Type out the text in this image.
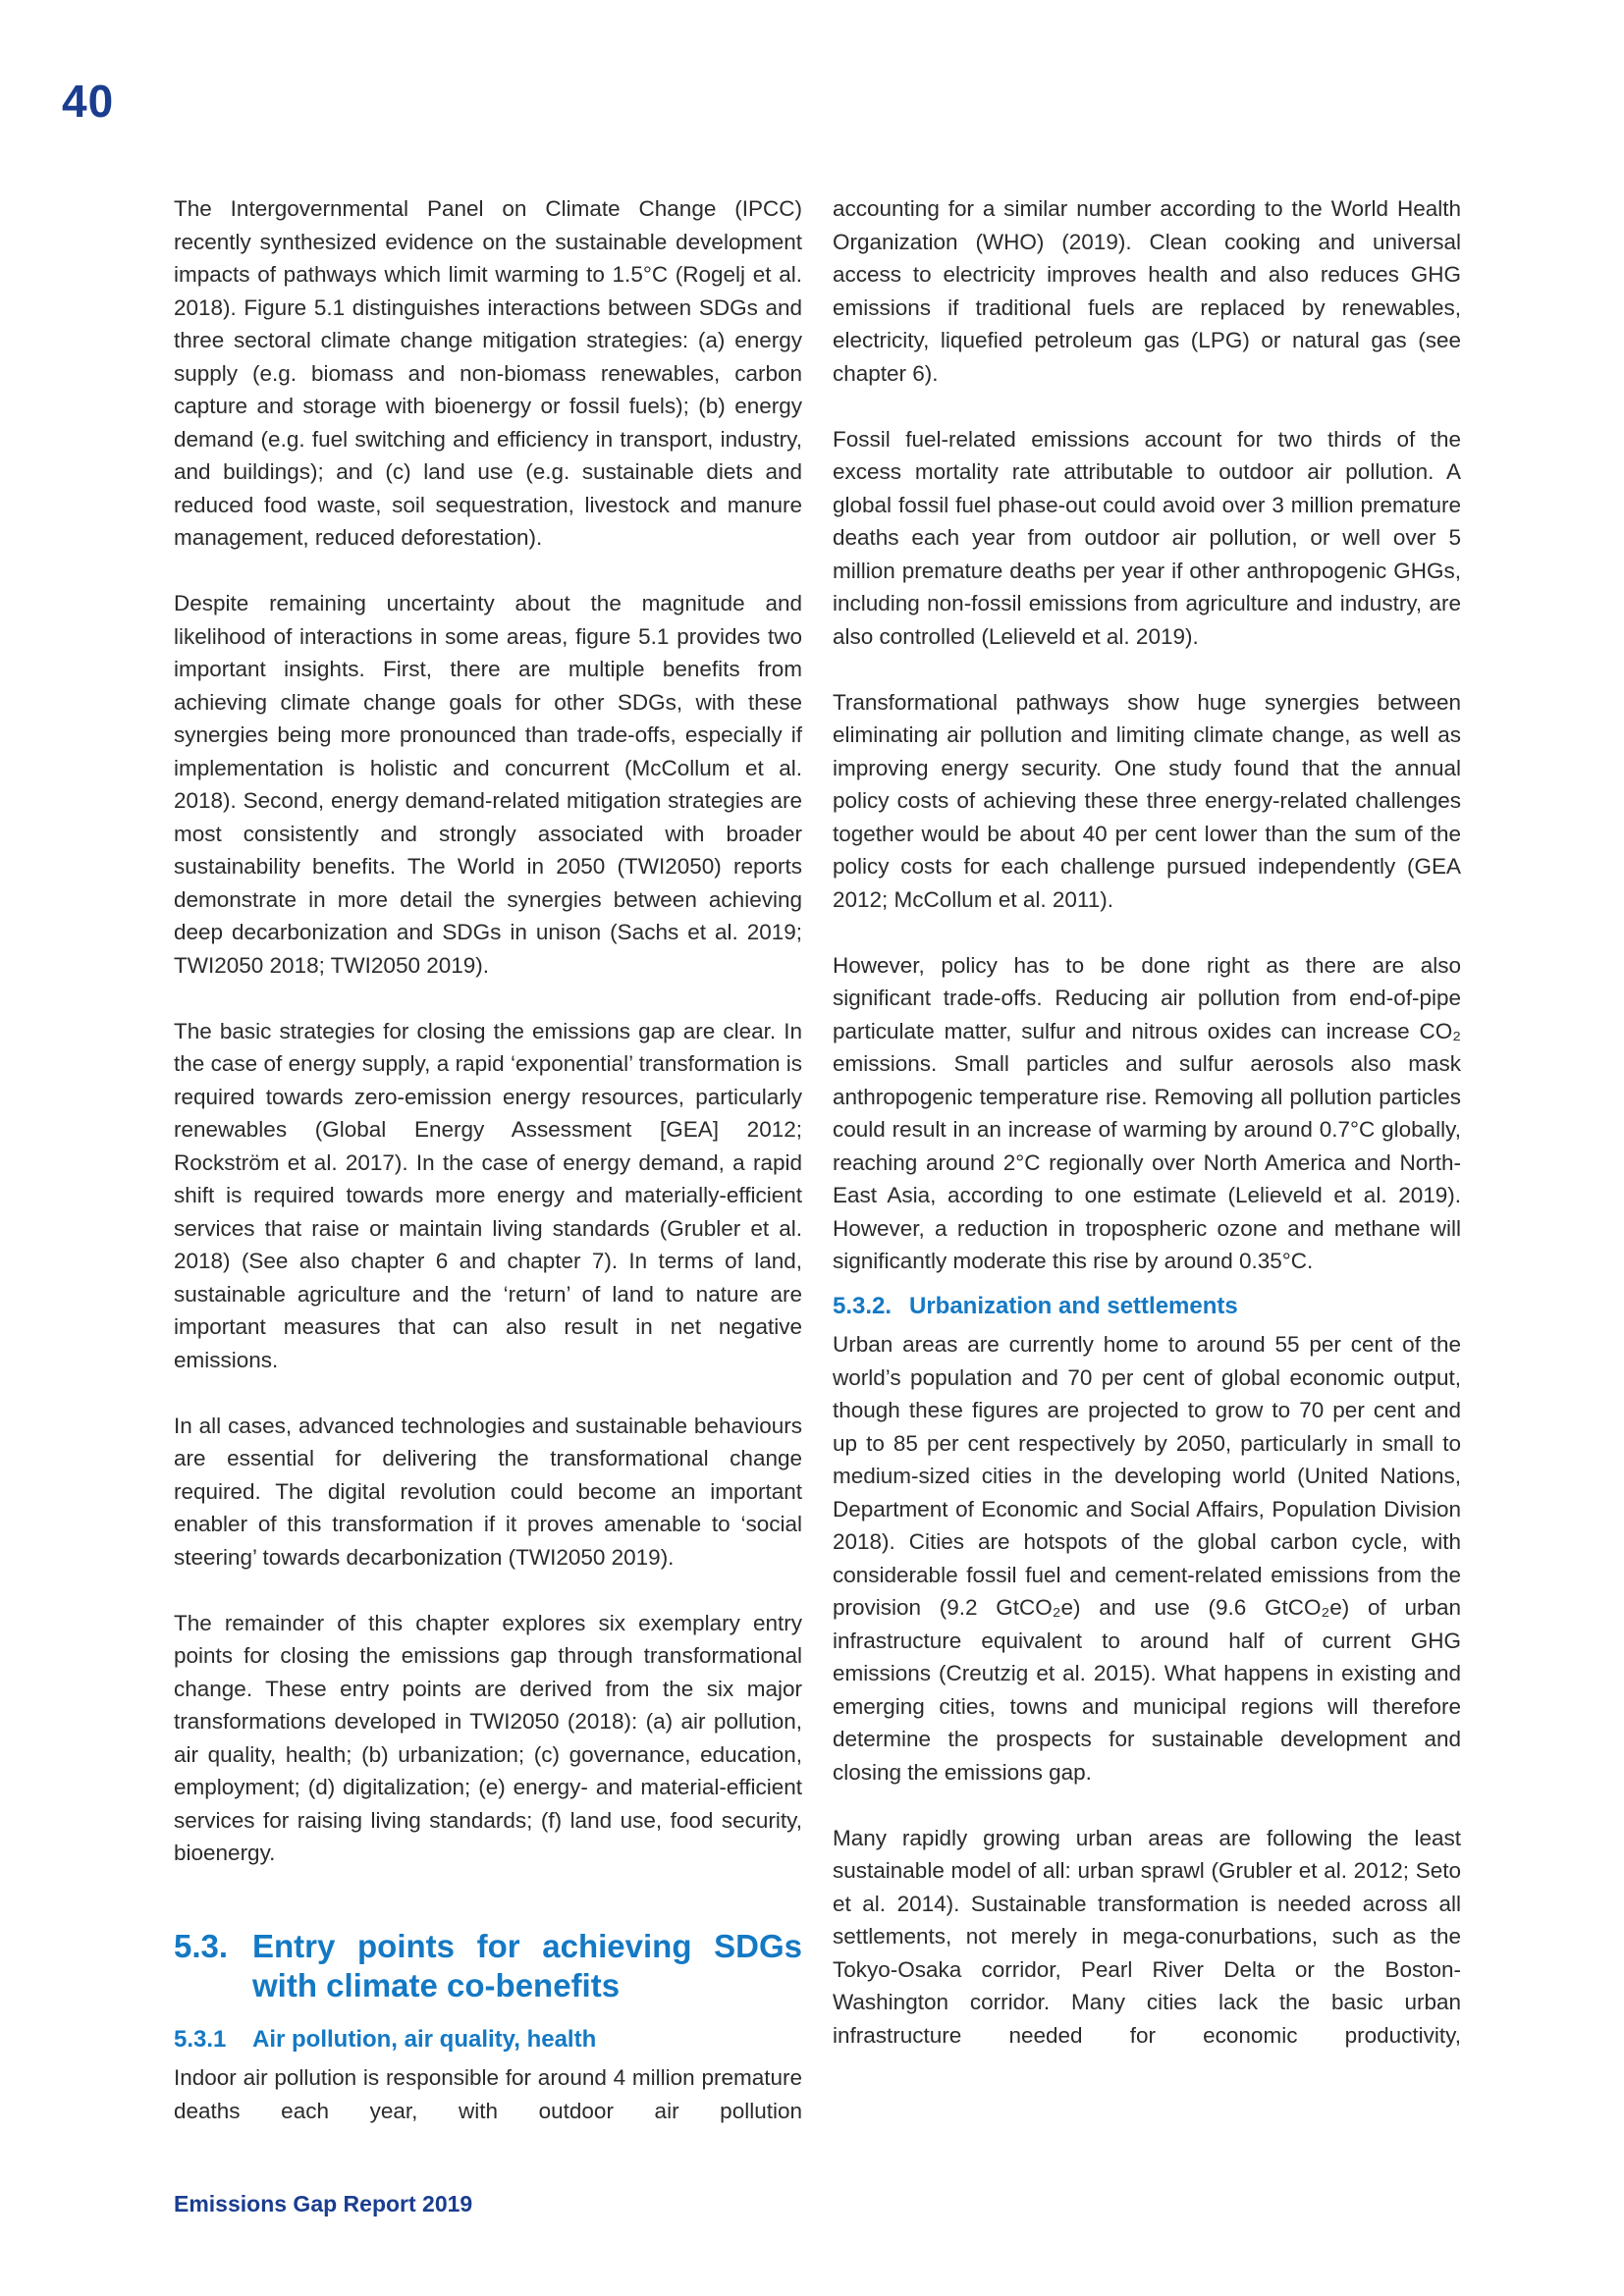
40

The Intergovernmental Panel on Climate Change (IPCC) recently synthesized evidence on the sustainable development impacts of pathways which limit warming to 1.5°C (Rogelj et al. 2018). Figure 5.1 distinguishes interactions between SDGs and three sectoral climate change mitigation strategies: (a) energy supply (e.g. biomass and non-biomass renewables, carbon capture and storage with bioenergy or fossil fuels); (b) energy demand (e.g. fuel switching and efficiency in transport, industry, and buildings); and (c) land use (e.g. sustainable diets and reduced food waste, soil sequestration, livestock and manure management, reduced deforestation).

Despite remaining uncertainty about the magnitude and likelihood of interactions in some areas, figure 5.1 provides two important insights. First, there are multiple benefits from achieving climate change goals for other SDGs, with these synergies being more pronounced than trade-offs, especially if implementation is holistic and concurrent (McCollum et al. 2018). Second, energy demand-related mitigation strategies are most consistently and strongly associated with broader sustainability benefits. The World in 2050 (TWI2050) reports demonstrate in more detail the synergies between achieving deep decarbonization and SDGs in unison (Sachs et al. 2019; TWI2050 2018; TWI2050 2019).

The basic strategies for closing the emissions gap are clear. In the case of energy supply, a rapid ‘exponential’ transformation is required towards zero-emission energy resources, particularly renewables (Global Energy Assessment [GEA] 2012; Rockström et al. 2017). In the case of energy demand, a rapid shift is required towards more energy and materially-efficient services that raise or maintain living standards (Grubler et al. 2018) (See also chapter 6 and chapter 7). In terms of land, sustainable agriculture and the ‘return’ of land to nature are important measures that can also result in net negative emissions.

In all cases, advanced technologies and sustainable behaviours are essential for delivering the transformational change required. The digital revolution could become an important enabler of this transformation if it proves amenable to ‘social steering’ towards decarbonization (TWI2050 2019).

The remainder of this chapter explores six exemplary entry points for closing the emissions gap through transformational change. These entry points are derived from the six major transformations developed in TWI2050 (2018): (a) air pollution, air quality, health; (b) urbanization; (c) governance, education, employment; (d) digitalization; (e) energy- and material-efficient services for raising living standards; (f) land use, food security, bioenergy.

5.3. Entry points for achieving SDGs with climate co-benefits
5.3.1	Air pollution, air quality, health

Indoor air pollution is responsible for around 4 million premature deaths each year, with outdoor air pollution

accounting for a similar number according to the World Health Organization (WHO) (2019). Clean cooking and universal access to electricity improves health and also reduces GHG emissions if traditional fuels are replaced by renewables, electricity, liquefied petroleum gas (LPG) or natural gas (see chapter 6).

Fossil fuel-related emissions account for two thirds of the excess mortality rate attributable to outdoor air pollution. A global fossil fuel phase-out could avoid over 3 million premature deaths each year from outdoor air pollution, or well over 5 million premature deaths per year if other anthropogenic GHGs, including non-fossil emissions from agriculture and industry, are also controlled (Lelieveld et al. 2019).

Transformational pathways show huge synergies between eliminating air pollution and limiting climate change, as well as improving energy security. One study found that the annual policy costs of achieving these three energy-related challenges together would be about 40 per cent lower than the sum of the policy costs for each challenge pursued independently (GEA 2012; McCollum et al. 2011).

However, policy has to be done right as there are also significant trade-offs. Reducing air pollution from end-of-pipe particulate matter, sulfur and nitrous oxides can increase CO₂ emissions. Small particles and sulfur aerosols also mask anthropogenic temperature rise. Removing all pollution particles could result in an increase of warming by around 0.7°C globally, reaching around 2°C regionally over North America and North-East Asia, according to one estimate (Lelieveld et al. 2019). However, a reduction in tropospheric ozone and methane will significantly moderate this rise by around 0.35°C.

5.3.2. Urbanization and settlements

Urban areas are currently home to around 55 per cent of the world’s population and 70 per cent of global economic output, though these figures are projected to grow to 70 per cent and up to 85 per cent respectively by 2050, particularly in small to medium-sized cities in the developing world (United Nations, Department of Economic and Social Affairs, Population Division 2018). Cities are hotspots of the global carbon cycle, with considerable fossil fuel and cement-related emissions from the provision (9.2 GtCO₂e) and use (9.6 GtCO₂e) of urban infrastructure equivalent to around half of current GHG emissions (Creutzig et al. 2015). What happens in existing and emerging cities, towns and municipal regions will therefore determine the prospects for sustainable development and closing the emissions gap.

Many rapidly growing urban areas are following the least sustainable model of all: urban sprawl (Grubler et al. 2012; Seto et al. 2014). Sustainable transformation is needed across all settlements, not merely in mega-conurbations, such as the Tokyo-Osaka corridor, Pearl River Delta or the Boston-Washington corridor. Many cities lack the basic urban infrastructure needed for economic productivity,

Emissions Gap Report 2019
